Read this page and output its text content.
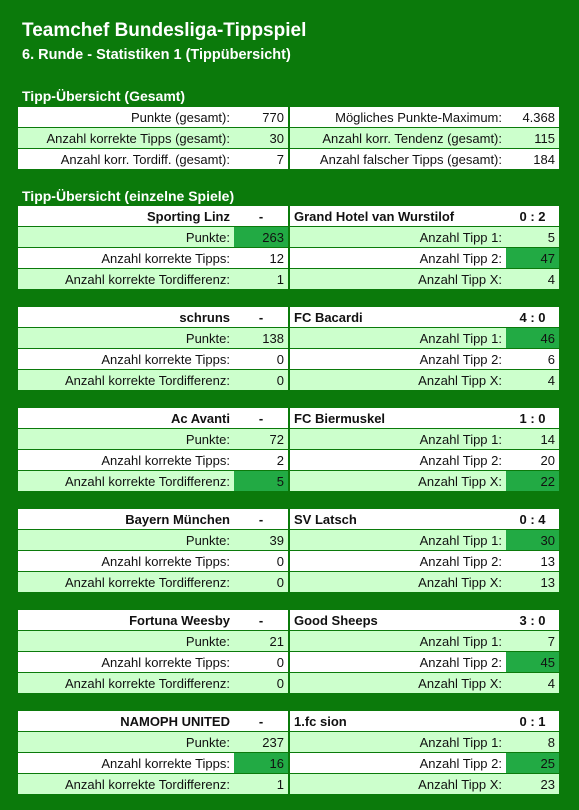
Teamchef Bundesliga-Tippspiel
6. Runde - Statistiken 1 (Tippübersicht)
Tipp-Übersicht (Gesamt)
Punkte (gesamt):	770	Mögliches Punkte-Maximum:	4.368
Anzahl korrekte Tipps (gesamt):	30	Anzahl korr. Tendenz (gesamt):	115
Anzahl korr. Tordiff. (gesamt):	7	Anzahl falscher Tipps (gesamt):	184
Tipp-Übersicht (einzelne Spiele)
Sporting Linz	-	Grand Hotel van Wurstilof	0 : 2
Punkte:	263	Anzahl Tipp 1:	5
Anzahl korrekte Tipps:	12	Anzahl Tipp 2:	47
Anzahl korrekte Tordifferenz:	1	Anzahl Tipp X:	4
schruns	-	FC Bacardi	4 : 0
Punkte:	138	Anzahl Tipp 1:	46
Anzahl korrekte Tipps:	0	Anzahl Tipp 2:	6
Anzahl korrekte Tordifferenz:	0	Anzahl Tipp X:	4
Ac Avanti	-	FC Biermuskel	1 : 0
Punkte:	72	Anzahl Tipp 1:	14
Anzahl korrekte Tipps:	2	Anzahl Tipp 2:	20
Anzahl korrekte Tordifferenz:	5	Anzahl Tipp X:	22
Bayern München	-	SV Latsch	0 : 4
Punkte:	39	Anzahl Tipp 1:	30
Anzahl korrekte Tipps:	0	Anzahl Tipp 2:	13
Anzahl korrekte Tordifferenz:	0	Anzahl Tipp X:	13
Fortuna Weesby	-	Good Sheeps	3 : 0
Punkte:	21	Anzahl Tipp 1:	7
Anzahl korrekte Tipps:	0	Anzahl Tipp 2:	45
Anzahl korrekte Tordifferenz:	0	Anzahl Tipp X:	4
NAMOPH UNITED	-	1.fc sion	0 : 1
Punkte:	237	Anzahl Tipp 1:	8
Anzahl korrekte Tipps:	16	Anzahl Tipp 2:	25
Anzahl korrekte Tordifferenz:	1	Anzahl Tipp X:	23
